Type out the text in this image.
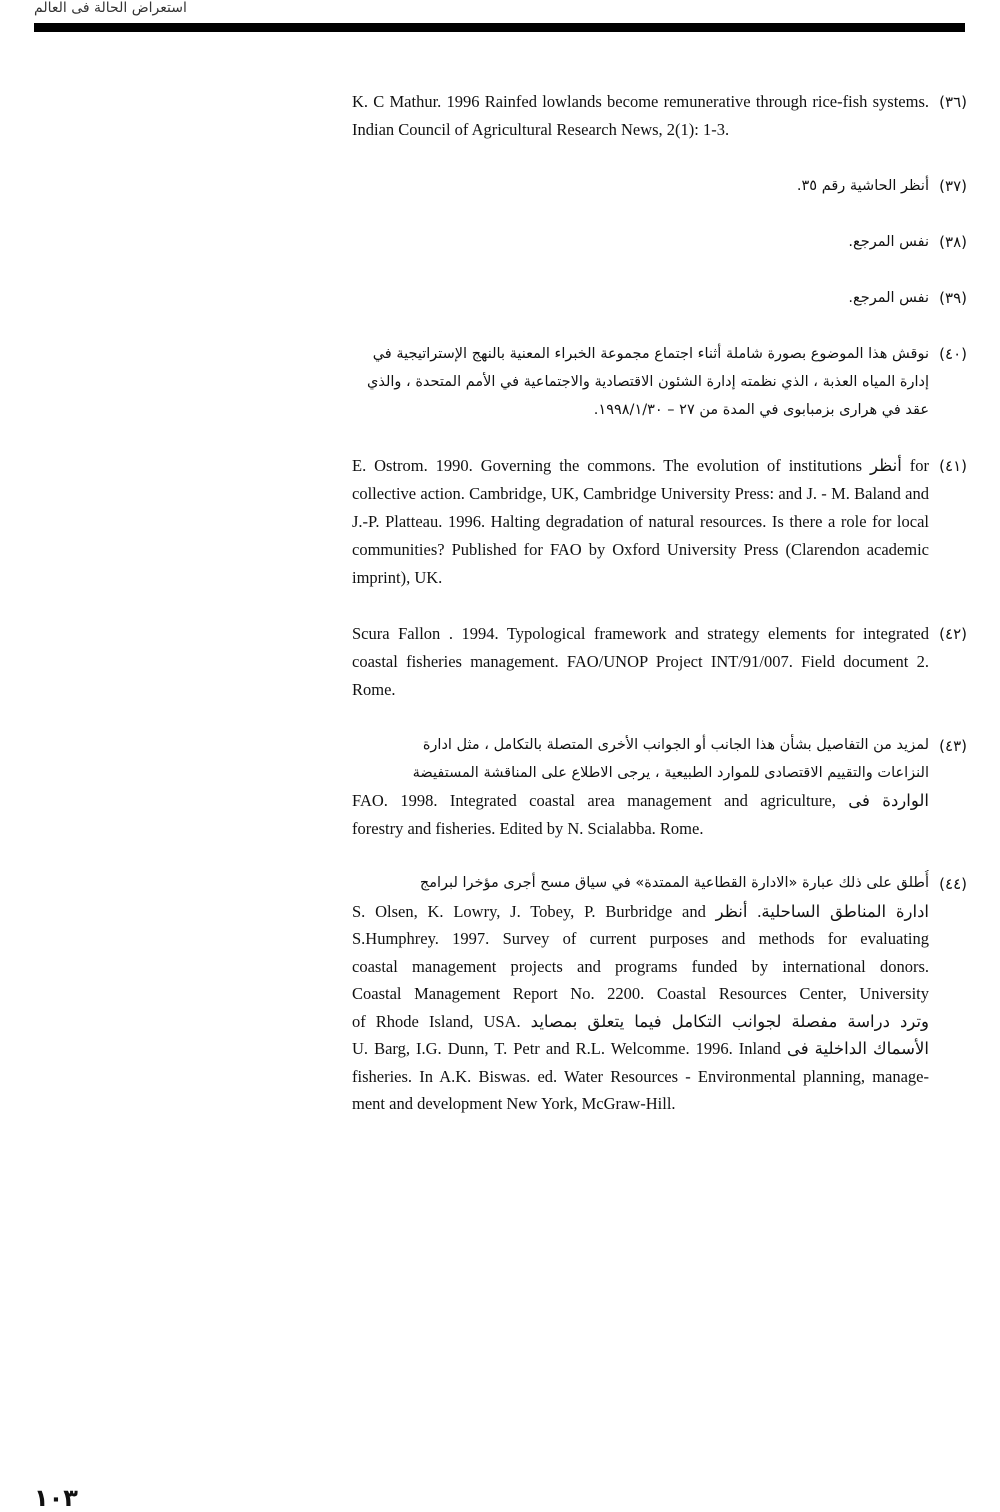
استعراض الحالة فى العالم
(٣٦)
K. C Mathur. 1996 Rainfed lowlands become remunerative through rice-fish systems. Indian Council of Agricultural Research News, 2(1): 1-3.
(٣٧)
أنظر الحاشية رقم ٣٥.
(٣٨)
نفس المرجع.
(٣٩)
نفس المرجع.
(٤٠)
نوقش هذا الموضوع بصورة شاملة أثناء اجتماع مجموعة الخبراء المعنية بالنهج الإستراتيجية في إدارة المياه العذبة ، الذي نظمته إدارة الشئون الاقتصادية والاجتماعية في الأمم المتحدة ، والذي عقد في هرارى بزمبابوى في المدة من ٢٧ – ١٩٩٨/١/٣٠.
(٤١)
E. Ostrom. 1990. Governing the commons. The evolution of institutions أنظر for collective action. Cambridge, UK, Cambridge University Press: and J. - M. Baland and J.-P. Platteau. 1996. Halting degradation of natural resources. Is there a role for local communities? Published for FAO by Oxford University Press (Clarendon academic imprint), UK.
(٤٢)
Scura Fallon . 1994. Typological framework and strategy elements for integrated coastal fisheries management. FAO/UNOP Project INT/91/007. Field document 2. Rome.
(٤٣)
لمزيد من التفاصيل بشأن هذا الجانب أو الجوانب الأخرى المتصلة بالتكامل ، مثل ادارة
النزاعات والتقييم الاقتصادى للموارد الطبيعية ، يرجى الاطلاع على المناقشة المستفيضة
FAO. 1998. Integrated coastal area management and agriculture, الواردة فى
forestry and fisheries. Edited by N. Scialabba. Rome.
(٤٤)
أُطلق على ذلك عبارة «الادارة القطاعية الممتدة» في سياق مسح أجرى مؤخرا لبرامج
S. Olsen, K. Lowry, J. Tobey, P. Burbridge and ادارة المناطق الساحلية. أنظر
S.Humphrey. 1997. Survey of current purposes and methods for evaluating
coastal management projects and programs funded by international donors.
Coastal Management Report No. 2200. Coastal Resources Center, University
of Rhode Island, USA. وترد دراسة مفصلة لجوانب التكامل فيما يتعلق بمصايد
U. Barg, I.G. Dunn, T. Petr and R.L. Welcomme. 1996. Inland الأسماك الداخلية فى
fisheries. In A.K. Biswas. ed. Water Resources - Environmental planning, manage-
ment and development New York, McGraw-Hill.
١٠٣
